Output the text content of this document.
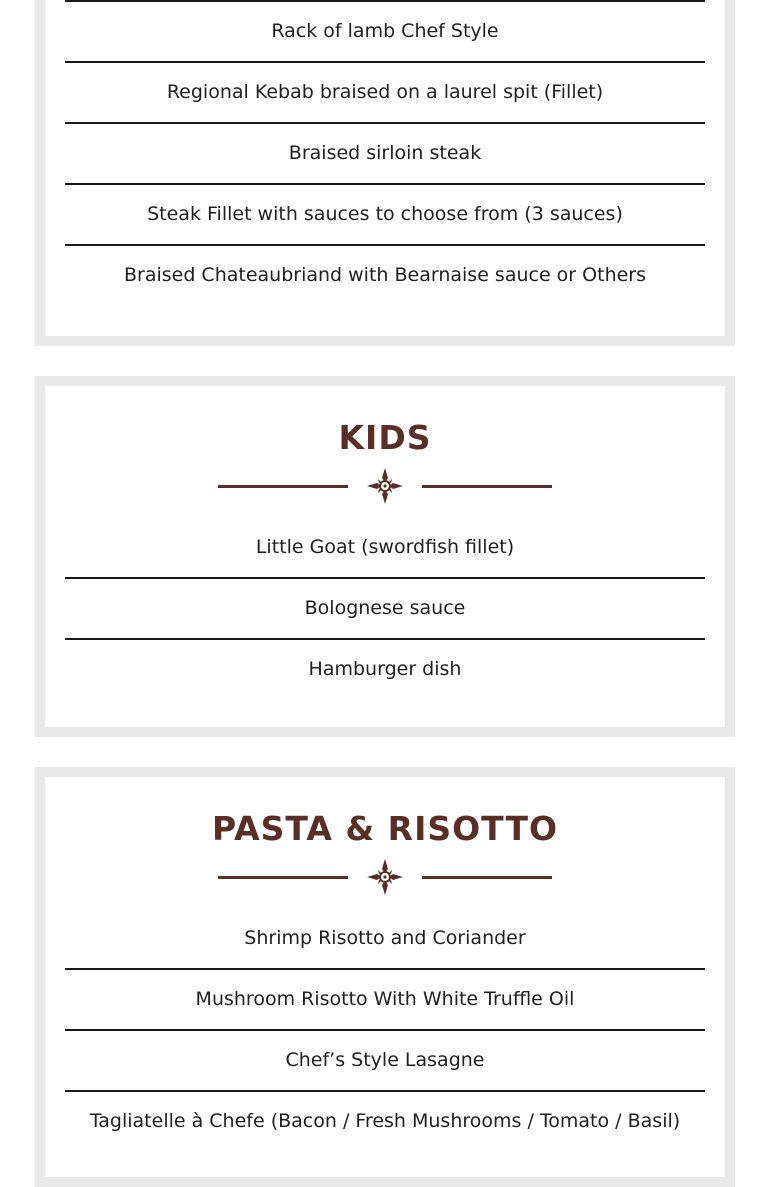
Rack of lamb Chef Style
Regional Kebab braised on a laurel spit (Fillet)
Braised sirloin steak
Steak Fillet with sauces to choose from (3 sauces)
Braised Chateaubriand with Bearnaise sauce or Others
KIDS
Little Goat (swordfish fillet)
Bolognese sauce
Hamburger dish
PASTA & RISOTTO
Shrimp Risotto and Coriander
Mushroom Risotto With White Truffle Oil
Chef’s Style Lasagne
Tagliatelle à Chefe (Bacon / Fresh Mushrooms / Tomato / Basil)
